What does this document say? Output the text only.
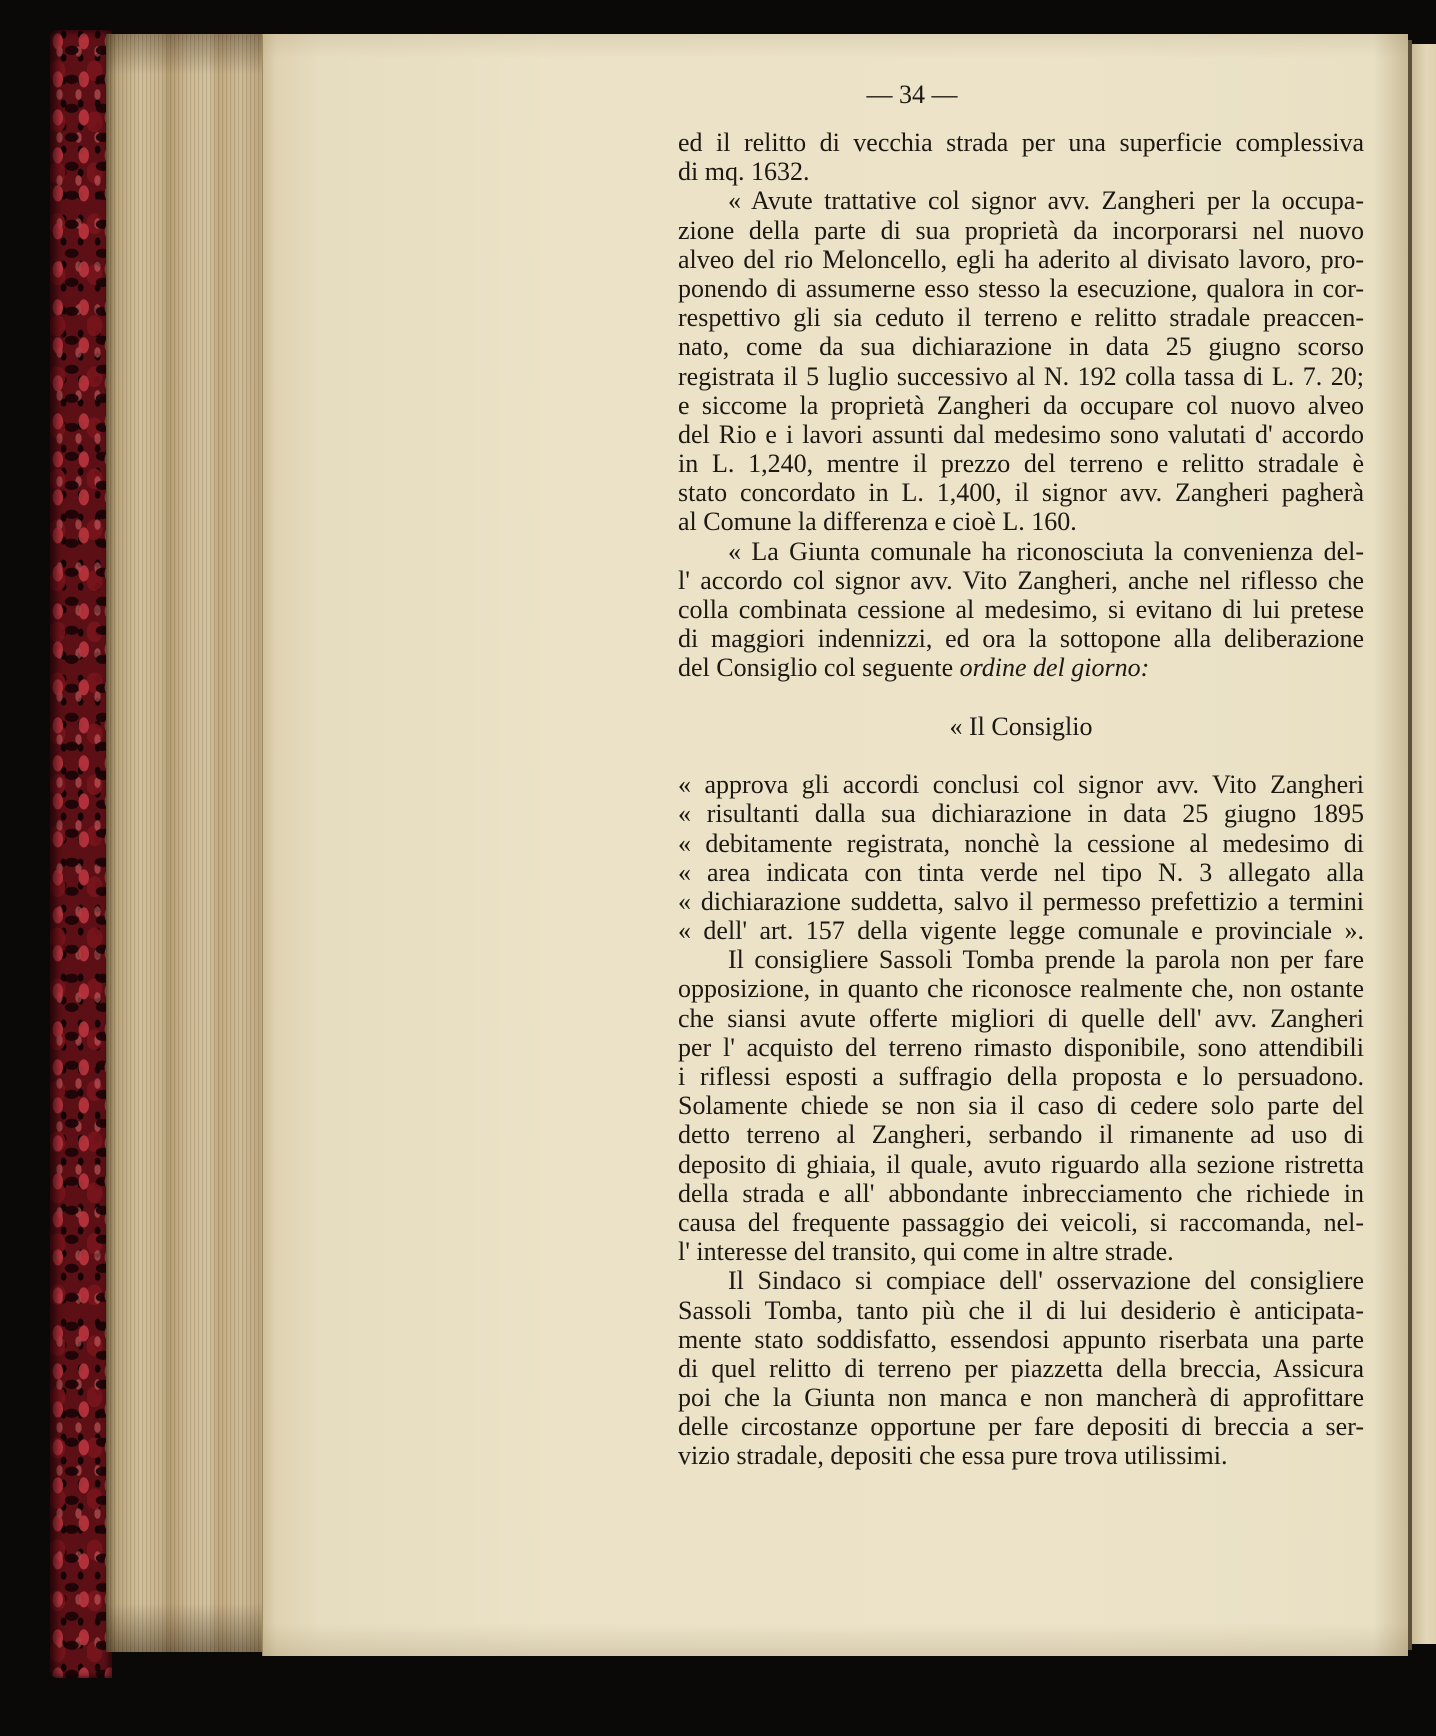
— 34 —
ed il relitto di vecchia strada per una superficie complessiva
di mq. 1632.
« Avute trattative col signor avv. Zangheri per la occupa-
zione della parte di sua proprietà da incorporarsi nel nuovo
alveo del rio Meloncello, egli ha aderito al divisato lavoro, pro-
ponendo di assumerne esso stesso la esecuzione, qualora in cor-
respettivo gli sia ceduto il terreno e relitto stradale preaccen-
nato, come da sua dichiarazione in data 25 giugno scorso
registrata il 5 luglio successivo al N. 192 colla tassa di L. 7. 20;
e siccome la proprietà Zangheri da occupare col nuovo alveo
del Rio e i lavori assunti dal medesimo sono valutati d' accordo
in L. 1,240, mentre il prezzo del terreno e relitto stradale è
stato concordato in L. 1,400, il signor avv. Zangheri pagherà
al Comune la differenza e cioè L. 160.
« La Giunta comunale ha riconosciuta la convenienza del-
l' accordo col signor avv. Vito Zangheri, anche nel riflesso che
colla combinata cessione al medesimo, si evitano di lui pretese
di maggiori indennizzi, ed ora la sottopone alla deliberazione
del Consiglio col seguente ordine del giorno:
« Il Consiglio
« approva gli accordi conclusi col signor avv. Vito Zangheri
« risultanti dalla sua dichiarazione in data 25 giugno 1895
« debitamente registrata, nonchè la cessione al medesimo di
« area indicata con tinta verde nel tipo N. 3 allegato alla
« dichiarazione suddetta, salvo il permesso prefettizio a termini
« dell' art. 157 della vigente legge comunale e provinciale ».
Il consigliere Sassoli Tomba prende la parola non per fare
opposizione, in quanto che riconosce realmente che, non ostante
che siansi avute offerte migliori di quelle dell' avv. Zangheri
per l' acquisto del terreno rimasto disponibile, sono attendibili
i riflessi esposti a suffragio della proposta e lo persuadono.
Solamente chiede se non sia il caso di cedere solo parte del
detto terreno al Zangheri, serbando il rimanente ad uso di
deposito di ghiaia, il quale, avuto riguardo alla sezione ristretta
della strada e all' abbondante inbrecciamento che richiede in
causa del frequente passaggio dei veicoli, si raccomanda, nel-
l' interesse del transito, qui come in altre strade.
Il Sindaco si compiace dell' osservazione del consigliere
Sassoli Tomba, tanto più che il di lui desiderio è anticipata-
mente stato soddisfatto, essendosi appunto riserbata una parte
di quel relitto di terreno per piazzetta della breccia, Assicura
poi che la Giunta non manca e non mancherà di approfittare
delle circostanze opportune per fare depositi di breccia a ser-
vizio stradale, depositi che essa pure trova utilissimi.
